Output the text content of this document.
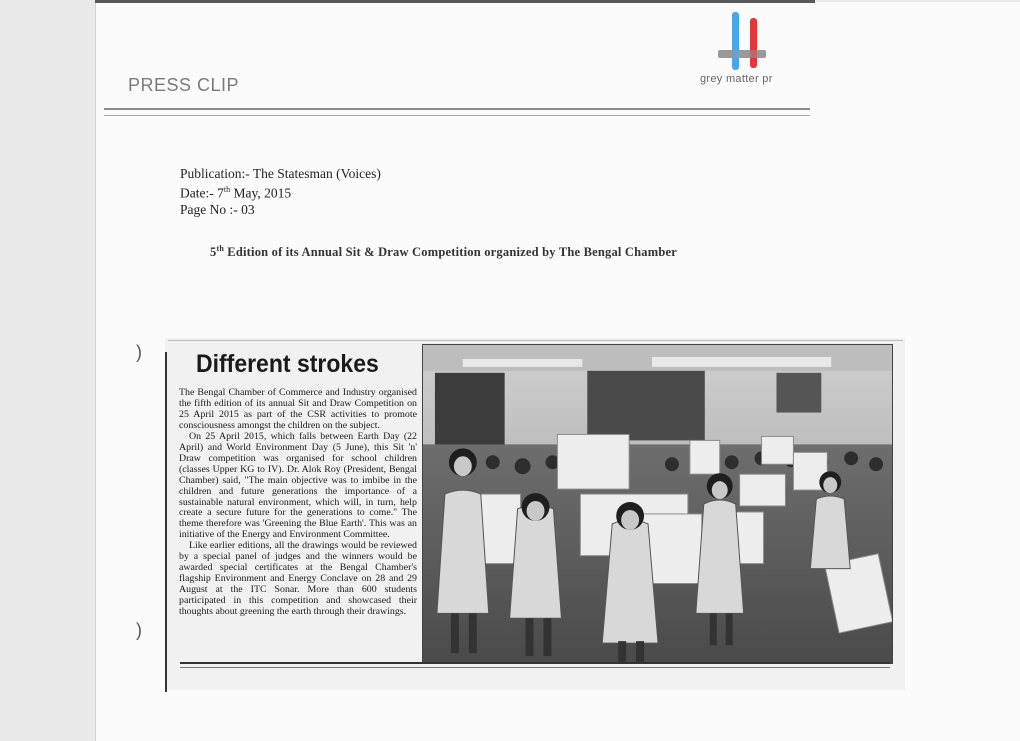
PRESS CLIP	grey matter pr
Publication:- The Statesman (Voices)
Date:- 7th May, 2015
Page No :- 03
5th Edition of its Annual Sit & Draw Competition organized by The Bengal Chamber
)
)
Different strokes

The Bengal Chamber of Commerce and Industry organised the fifth edition of its annual Sit and Draw Competition on 25 April 2015 as part of the CSR activities to promote consciousness amongst the children on the subject.

On 25 April 2015, which falls between Earth Day (22 April) and World Environment Day (5 June), this Sit 'n' Draw competition was organised for school children (classes Upper KG to IV). Dr. Alok Roy (President, Bengal Chamber) said, "The main objective was to imbibe in the children and future generations the importance of a sustainable natural environment, which will, in turn, help create a secure future for the generations to come." The theme therefore was 'Greening the Blue Earth'. This was an initiative of the Energy and Environment Committee.

Like earlier editions, all the drawings would be reviewed by a special panel of judges and the winners would be awarded special certificates at the Bengal Chamber's flagship Environment and Energy Conclave on 28 and 29 August at the ITC Sonar. More than 600 students participated in this competition and showcased their thoughts about greening the earth through their drawings.
